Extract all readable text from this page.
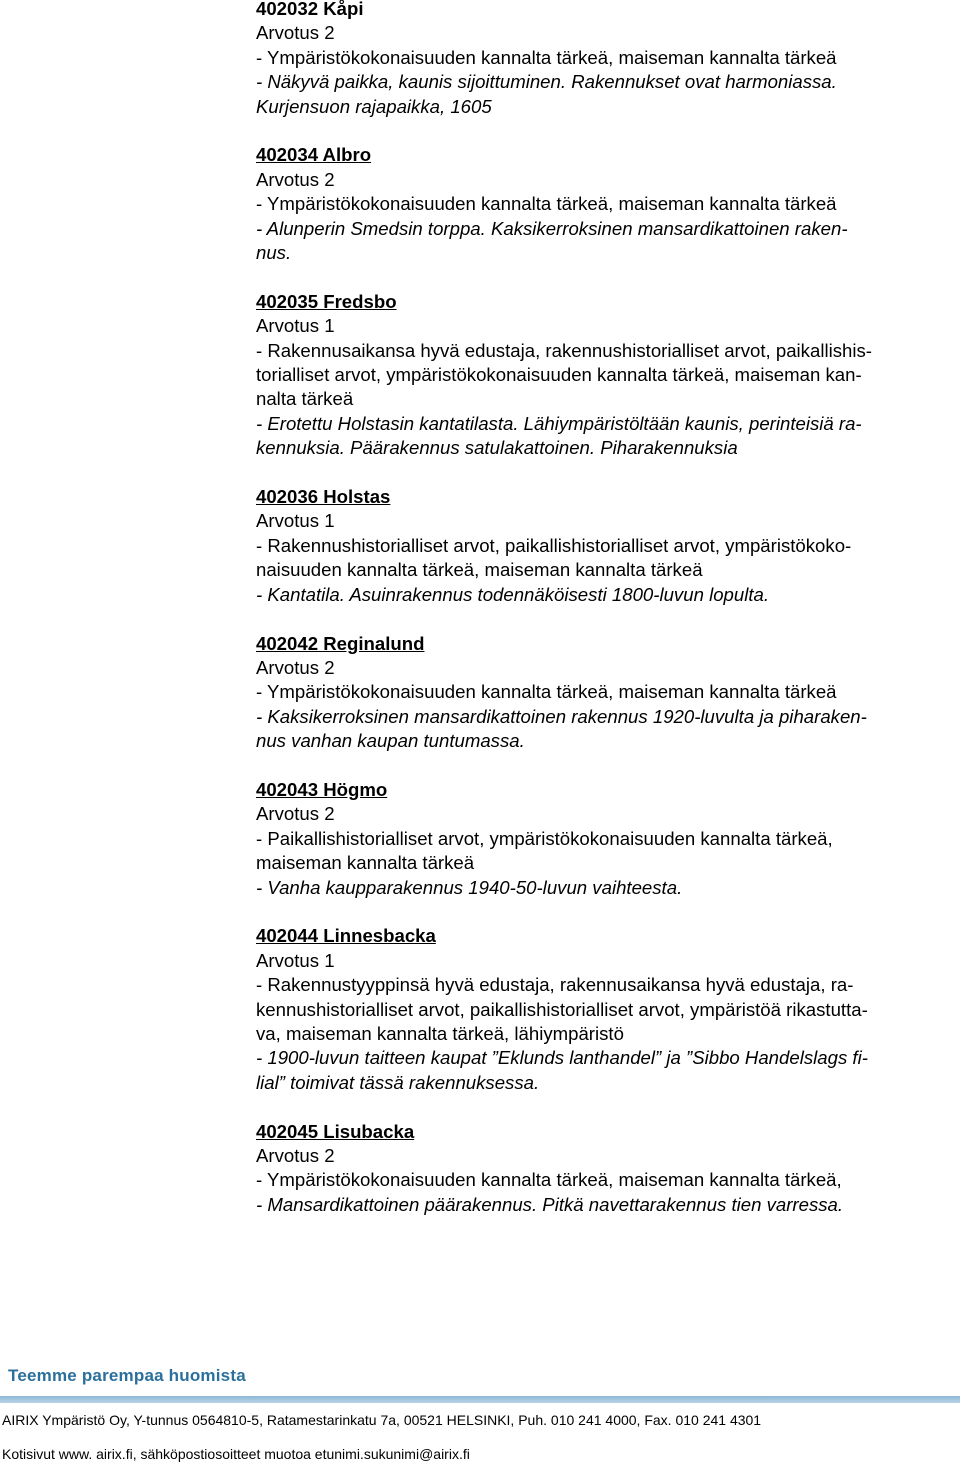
402032 Kåpi
Arvotus 2
- Ympäristökokonaisuuden kannalta tärkeä, maiseman kannalta tärkeä
- Näkyvä paikka, kaunis sijoittuminen. Rakennukset ovat harmoniassa.
Kurjensuon rajapaikka, 1605
402034 Albro
Arvotus 2
- Ympäristökokonaisuuden kannalta tärkeä, maiseman kannalta tärkeä
- Alunperin Smedsin torppa. Kaksikerroksinen mansardikattoinen raken-
nus.
402035 Fredsbo
Arvotus 1
- Rakennusaikansa hyvä edustaja, rakennushistorialliset arvot, paikallishis-
torialliset arvot, ympäristökokonaisuuden kannalta tärkeä, maiseman kan-
nalta tärkeä
- Erotettu Holstasin kantatilasta. Lähiympäristöltään kaunis, perinteisiä ra-
kennuksia. Päärakennus satulakattoinen. Piharakennuksia
402036 Holstas
Arvotus 1
- Rakennushistorialliset arvot, paikallishistorialliset arvot, ympäristökoko-
naisuuden kannalta tärkeä, maiseman kannalta tärkeä
- Kantatila. Asuinrakennus todennäköisesti 1800-luvun lopulta.
402042 Reginalund
Arvotus 2
- Ympäristökokonaisuuden kannalta tärkeä, maiseman kannalta tärkeä
- Kaksikerroksinen mansardikattoinen rakennus 1920-luvulta ja piharaken-
nus vanhan kaupan tuntumassa.
402043 Högmo
Arvotus 2
- Paikallishistorialliset arvot, ympäristökokonaisuuden kannalta tärkeä,
maiseman kannalta tärkeä
- Vanha kaupparakennus 1940-50-luvun vaihteesta.
402044 Linnesbacka
Arvotus 1
- Rakennustyyppinsä hyvä edustaja, rakennusaikansa hyvä edustaja, ra-
kennushistorialliset arvot, paikallishistorialliset arvot, ympäristöä rikastutta-
va, maiseman kannalta tärkeä, lähiympäristö
- 1900-luvun taitteen kaupat ”Eklunds lanthandel” ja ”Sibbo Handelslags fi-
lial” toimivat tässä rakennuksessa.
402045 Lisubacka
Arvotus 2
- Ympäristökokonaisuuden kannalta tärkeä, maiseman kannalta tärkeä,
- Mansardikattoinen päärakennus. Pitkä navettarakennus tien varressa.
Teemme parempaa huomista
AIRIX Ympäristö Oy, Y-tunnus 0564810-5, Ratamestarinkatu 7a, 00521 HELSINKI, Puh. 010 241 4000, Fax. 010 241 4301
Kotisivut www. airix.fi, sähköpostiosoitteet muotoa etunimi.sukunimi@airix.fi
